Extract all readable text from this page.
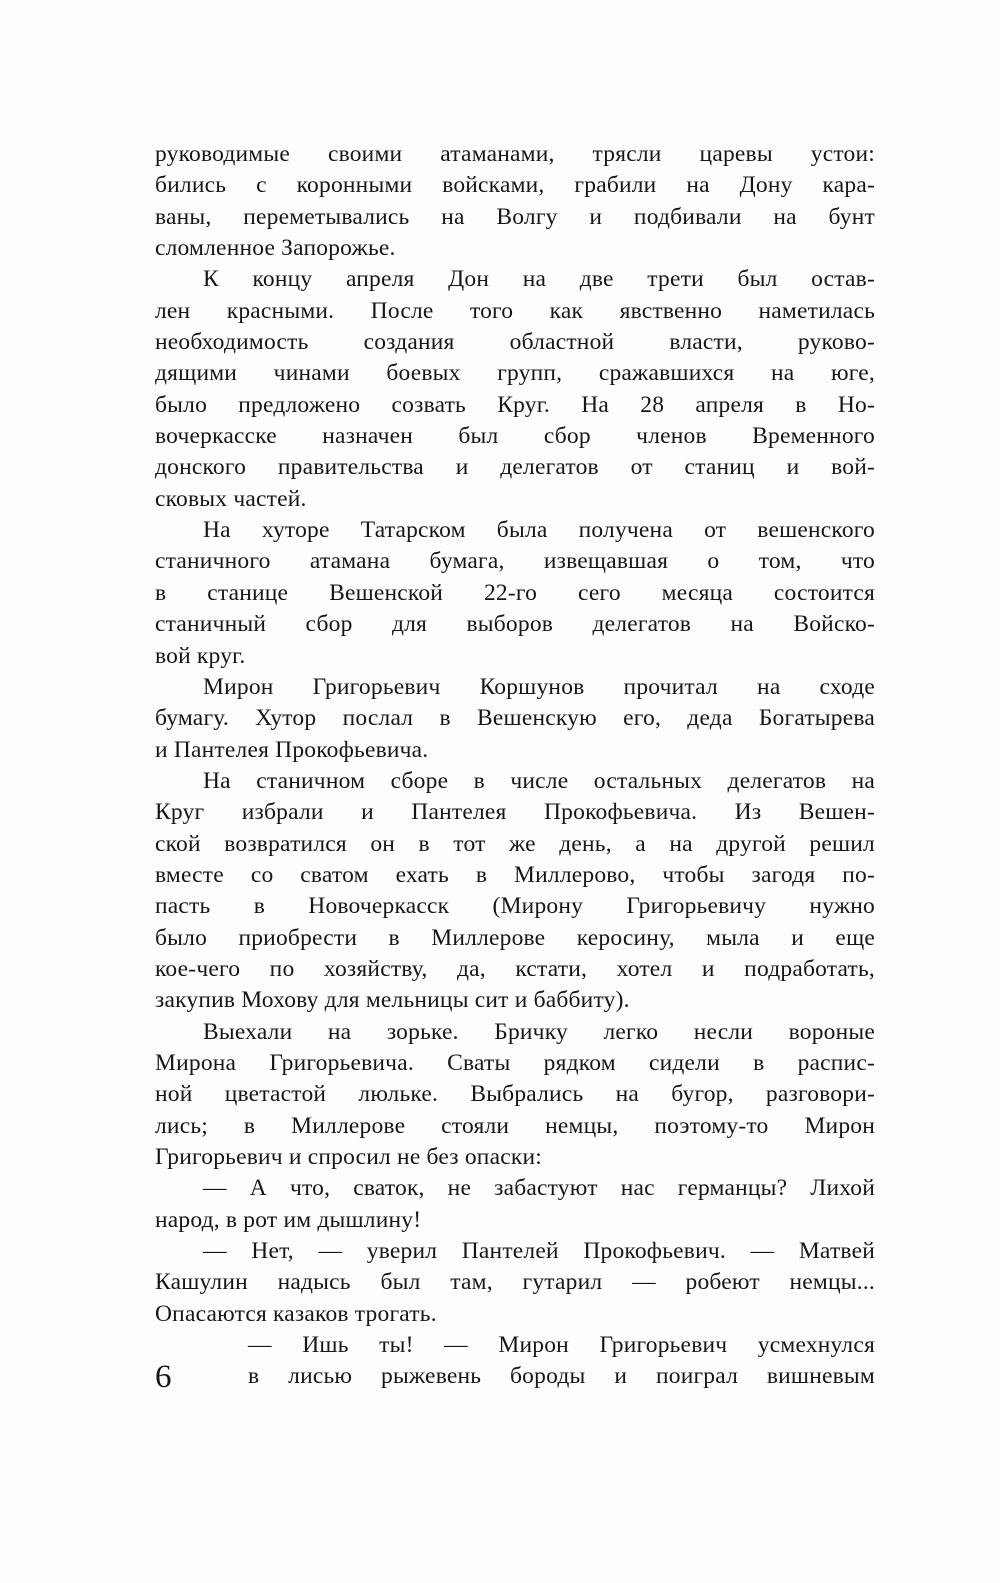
руководимые своими атаманами, трясли царевы устои:
бились с коронными войсками, грабили на Дону кара-
ваны, переметывались на Волгу и подбивали на бунт
сломленное Запорожье.
К концу апреля Дон на две трети был остав-
лен красными. После того как явственно наметилась
необходимость создания областной власти, руково-
дящими чинами боевых групп, сражавшихся на юге,
было предложено созвать Круг. На 28 апреля в Но-
вочеркасске назначен был сбор членов Временного
донского правительства и делегатов от станиц и вой-
сковых частей.
На хуторе Татарском была получена от вешенского
станичного атамана бумага, извещавшая о том, что
в станице Вешенской 22-го сего месяца состоится
станичный сбор для выборов делегатов на Войско-
вой круг.
Мирон Григорьевич Коршунов прочитал на сходе
бумагу. Хутор послал в Вешенскую его, деда Богатырева
и Пантелея Прокофьевича.
На станичном сборе в числе остальных делегатов на
Круг избрали и Пантелея Прокофьевича. Из Вешен-
ской возвратился он в тот же день, а на другой решил
вместе со сватом ехать в Миллерово, чтобы загодя по-
пасть в Новочеркасск (Мирону Григорьевичу нужно
было приобрести в Миллерове керосину, мыла и еще
кое-чего по хозяйству, да, кстати, хотел и подработать,
закупив Мохову для мельницы сит и баббиту).
Выехали на зорьке. Бричку легко несли вороные
Мирона Григорьевича. Сваты рядком сидели в распис-
ной цветастой люльке. Выбрались на бугор, разговори-
лись; в Миллерове стояли немцы, поэтому-то Мирон
Григорьевич и спросил не без опаски:
— А что, сваток, не забастуют нас германцы? Лихой
народ, в рот им дышлину!
— Нет, — уверил Пантелей Прокофьевич. — Матвей
Кашулин надысь был там, гутарил — робеют немцы...
Опасаются казаков трогать.
6
— Ишь ты! — Мирон Григорьевич усмехнулся
в лисью рыжевень бороды и поиграл вишневым
